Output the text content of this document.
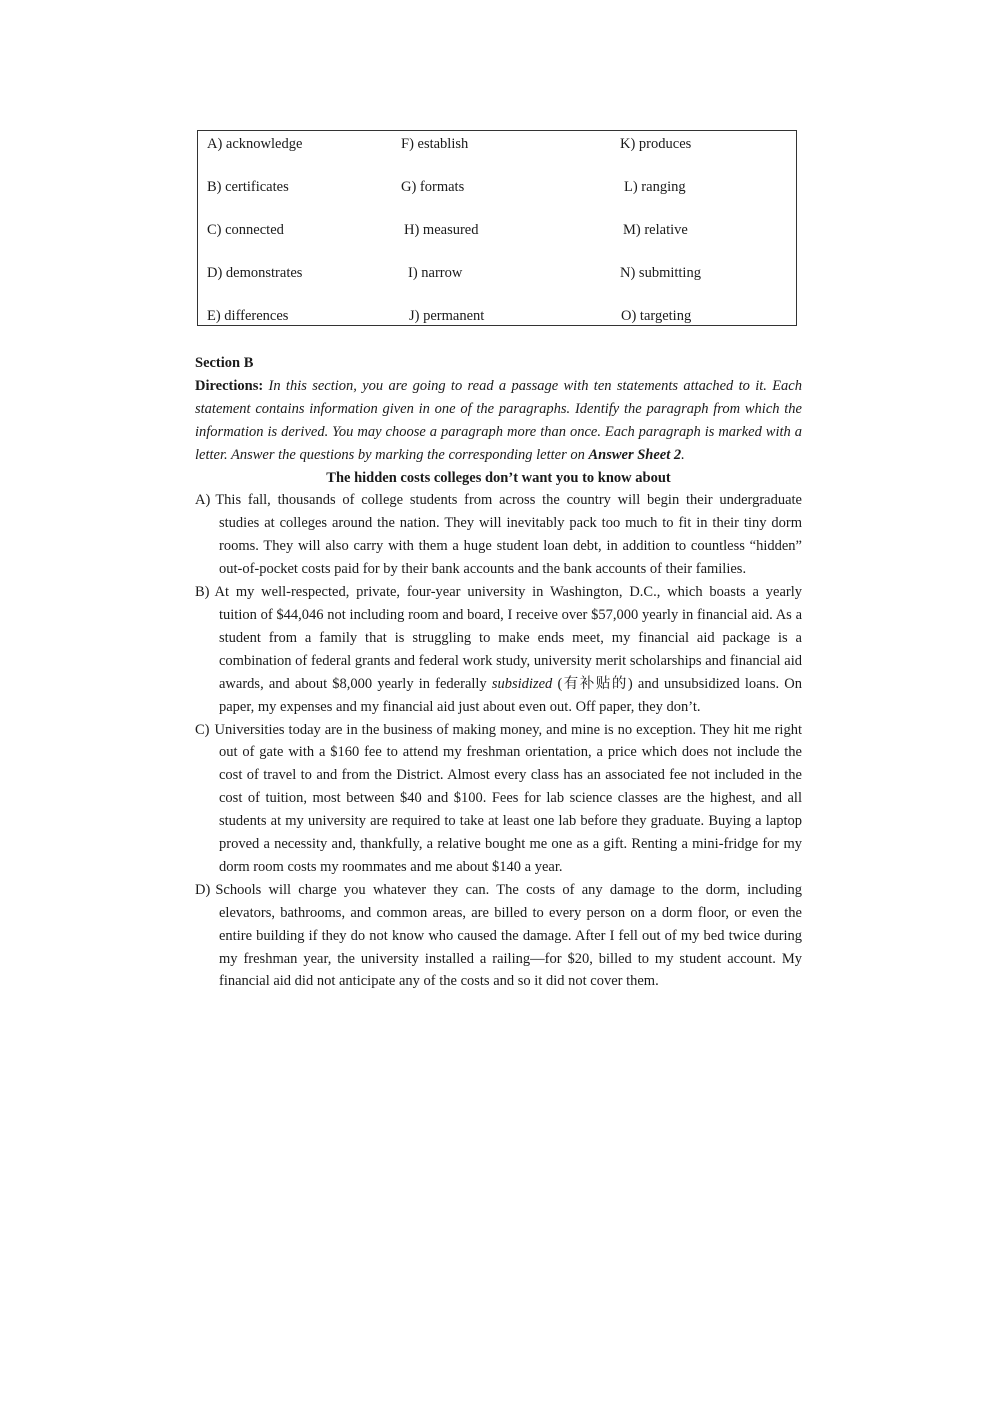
A) acknowledge
B) certificates
C) connected
D) demonstrates
E) differences
F) establish
G) formats
H) measured
I) narrow
J) permanent
K) produces
L) ranging
M) relative
N) submitting
O) targeting
Section B
Directions: In this section, you are going to read a passage with ten statements attached to it. Each statement contains information given in one of the paragraphs. Identify the paragraph from which the information is derived. You may choose a paragraph more than once. Each paragraph is marked with a letter. Answer the questions by marking the corresponding letter on Answer Sheet 2.
The hidden costs colleges don’t want you to know about
A) This fall, thousands of college students from across the country will begin their undergraduate studies at colleges around the nation. They will inevitably pack too much to fit in their tiny dorm rooms. They will also carry with them a huge student loan debt, in addition to countless “hidden” out-of-pocket costs paid for by their bank accounts and the bank accounts of their families.
B) At my well-respected, private, four-year university in Washington, D.C., which boasts a yearly tuition of $44,046 not including room and board, I receive over $57,000 yearly in financial aid. As a student from a family that is struggling to make ends meet, my financial aid package is a combination of federal grants and federal work study, university merit scholarships and financial aid awards, and about $8,000 yearly in federally subsidized (有补贴的) and unsubsidized loans. On paper, my expenses and my financial aid just about even out. Off paper, they don’t.
C) Universities today are in the business of making money, and mine is no exception. They hit me right out of gate with a $160 fee to attend my freshman orientation, a price which does not include the cost of travel to and from the District. Almost every class has an associated fee not included in the cost of tuition, most between $40 and $100. Fees for lab science classes are the highest, and all students at my university are required to take at least one lab before they graduate. Buying a laptop proved a necessity and, thankfully, a relative bought me one as a gift. Renting a mini-fridge for my dorm room costs my roommates and me about $140 a year.
D) Schools will charge you whatever they can. The costs of any damage to the dorm, including elevators, bathrooms, and common areas, are billed to every person on a dorm floor, or even the entire building if they do not know who caused the damage. After I fell out of my bed twice during my freshman year, the university installed a railing—for $20, billed to my student account. My financial aid did not anticipate any of the costs and so it did not cover them.
